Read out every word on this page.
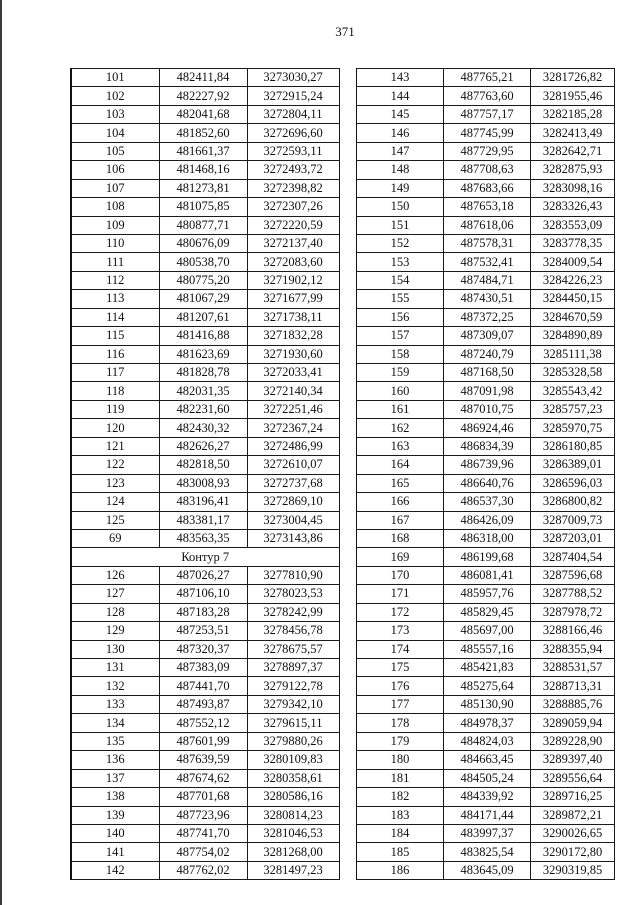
371
101	482411,84	3273030,27
102	482227,92	3272915,24
103	482041,68	3272804,11
104	481852,60	3272696,60
105	481661,37	3272593,11
106	481468,16	3272493,72
107	481273,81	3272398,82
108	481075,85	3272307,26
109	480877,71	3272220,59
110	480676,09	3272137,40
111	480538,70	3272083,60
112	480775,20	3271902,12
113	481067,29	3271677,99
114	481207,61	3271738,11
115	481416,88	3271832,28
116	481623,69	3271930,60
117	481828,78	3272033,41
118	482031,35	3272140,34
119	482231,60	3272251,46
120	482430,32	3272367,24
121	482626,27	3272486,99
122	482818,50	3272610,07
123	483008,93	3272737,68
124	483196,41	3272869,10
125	483381,17	3273004,45
69	483563,35	3273143,86
Контур 7		
126	487026,27	3277810,90
127	487106,10	3278023,53
128	487183,28	3278242,99
129	487253,51	3278456,78
130	487320,37	3278675,57
131	487383,09	3278897,37
132	487441,70	3279122,78
133	487493,87	3279342,10
134	487552,12	3279615,11
135	487601,99	3279880,26
136	487639,59	3280109,83
137	487674,62	3280358,61
138	487701,68	3280586,16
139	487723,96	3280814,23
140	487741,70	3281046,53
141	487754,02	3281268,00
142	487762,02	3281497,23
143	487765,21	3281726,82
144	487763,60	3281955,46
145	487757,17	3282185,28
146	487745,99	3282413,49
147	487729,95	3282642,71
148	487708,63	3282875,93
149	487683,66	3283098,16
150	487653,18	3283326,43
151	487618,06	3283553,09
152	487578,31	3283778,35
153	487532,41	3284009,54
154	487484,71	3284226,23
155	487430,51	3284450,15
156	487372,25	3284670,59
157	487309,07	3284890,89
158	487240,79	3285111,38
159	487168,50	3285328,58
160	487091,98	3285543,42
161	487010,75	3285757,23
162	486924,46	3285970,75
163	486834,39	3286180,85
164	486739,96	3286389,01
165	486640,76	3286596,03
166	486537,30	3286800,82
167	486426,09	3287009,73
168	486318,00	3287203,01
169	486199,68	3287404,54
170	486081,41	3287596,68
171	485957,76	3287788,52
172	485829,45	3287978,72
173	485697,00	3288166,46
174	485557,16	3288355,94
175	485421,83	3288531,57
176	485275,64	3288713,31
177	485130,90	3288885,76
178	484978,37	3289059,94
179	484824,03	3289228,90
180	484663,45	3289397,40
181	484505,24	3289556,64
182	484339,92	3289716,25
183	484171,44	3289872,21
184	483997,37	3290026,65
185	483825,54	3290172,80
186	483645,09	3290319,85
